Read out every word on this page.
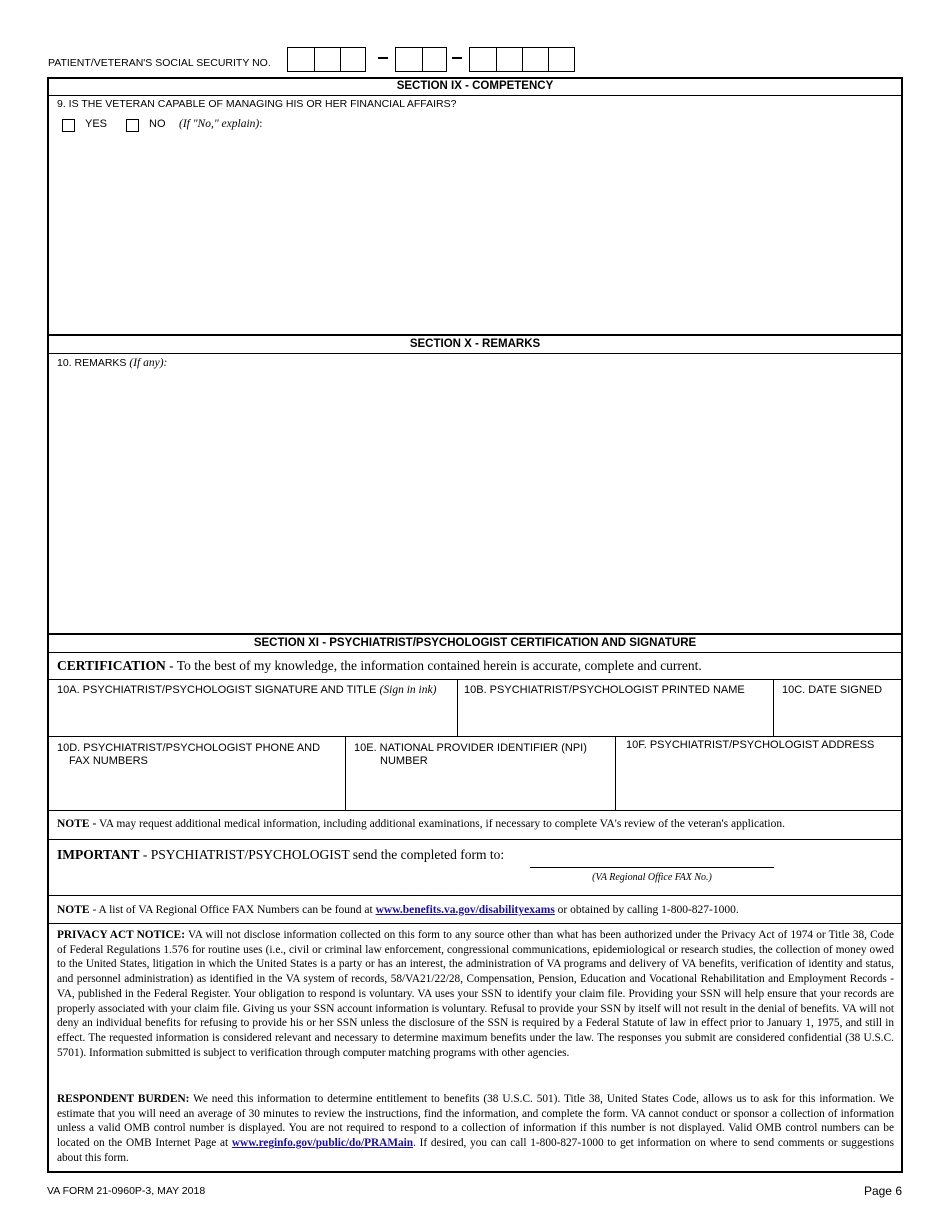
PATIENT/VETERAN'S SOCIAL SECURITY NO.
SECTION IX - COMPETENCY
9. IS THE VETERAN CAPABLE OF MANAGING HIS OR HER FINANCIAL AFFAIRS?
YES	NO (If "No," explain):
SECTION X - REMARKS
10. REMARKS (If any):
SECTION XI - PSYCHIATRIST/PSYCHOLOGIST CERTIFICATION AND SIGNATURE
CERTIFICATION - To the best of my knowledge, the information contained herein is accurate, complete and current.
10A. PSYCHIATRIST/PSYCHOLOGIST SIGNATURE AND TITLE (Sign in ink)	10B. PSYCHIATRIST/PSYCHOLOGIST PRINTED NAME	10C. DATE SIGNED
10D. PSYCHIATRIST/PSYCHOLOGIST PHONE AND
FAX NUMBERS
10E. NATIONAL PROVIDER IDENTIFIER (NPI)
NUMBER
10F. PSYCHIATRIST/PSYCHOLOGIST ADDRESS
NOTE - VA may request additional medical information, including additional examinations, if necessary to complete VA's review of the veteran's application.
IMPORTANT - PSYCHIATRIST/PSYCHOLOGIST send the completed form to:
(VA Regional Office FAX No.)
NOTE - A list of VA Regional Office FAX Numbers can be found at www.benefits.va.gov/disabilityexams or obtained by calling 1-800-827-1000.
PRIVACY ACT NOTICE: VA will not disclose information collected on this form to any source other than what has been authorized under the Privacy Act of 1974 or Title 38, Code of Federal Regulations 1.576 for routine uses (i.e., civil or criminal law enforcement, congressional communications, epidemiological or research studies, the collection of money owed to the United States, litigation in which the United States is a party or has an interest, the administration of VA programs and delivery of VA benefits, verification of identity and status, and personnel administration) as identified in the VA system of records, 58/VA21/22/28, Compensation, Pension, Education and Vocational Rehabilitation and Employment Records - VA, published in the Federal Register. Your obligation to respond is voluntary. VA uses your SSN to identify your claim file. Providing your SSN will help ensure that your records are properly associated with your claim file. Giving us your SSN account information is voluntary. Refusal to provide your SSN by itself will not result in the denial of benefits. VA will not deny an individual benefits for refusing to provide his or her SSN unless the disclosure of the SSN is required by a Federal Statute of law in effect prior to January 1, 1975, and still in effect. The requested information is considered relevant and necessary to determine maximum benefits under the law. The responses you submit are considered confidential (38 U.S.C. 5701). Information submitted is subject to verification through computer matching programs with other agencies.
RESPONDENT BURDEN: We need this information to determine entitlement to benefits (38 U.S.C. 501). Title 38, United States Code, allows us to ask for this information. We estimate that you will need an average of 30 minutes to review the instructions, find the information, and complete the form. VA cannot conduct or sponsor a collection of information unless a valid OMB control number is displayed. You are not required to respond to a collection of information if this number is not displayed. Valid OMB control numbers can be located on the OMB Internet Page at www.reginfo.gov/public/do/PRAMain. If desired, you can call 1-800-827-1000 to get information on where to send comments or suggestions about this form.
VA FORM 21-0960P-3, MAY 2018	Page 6
